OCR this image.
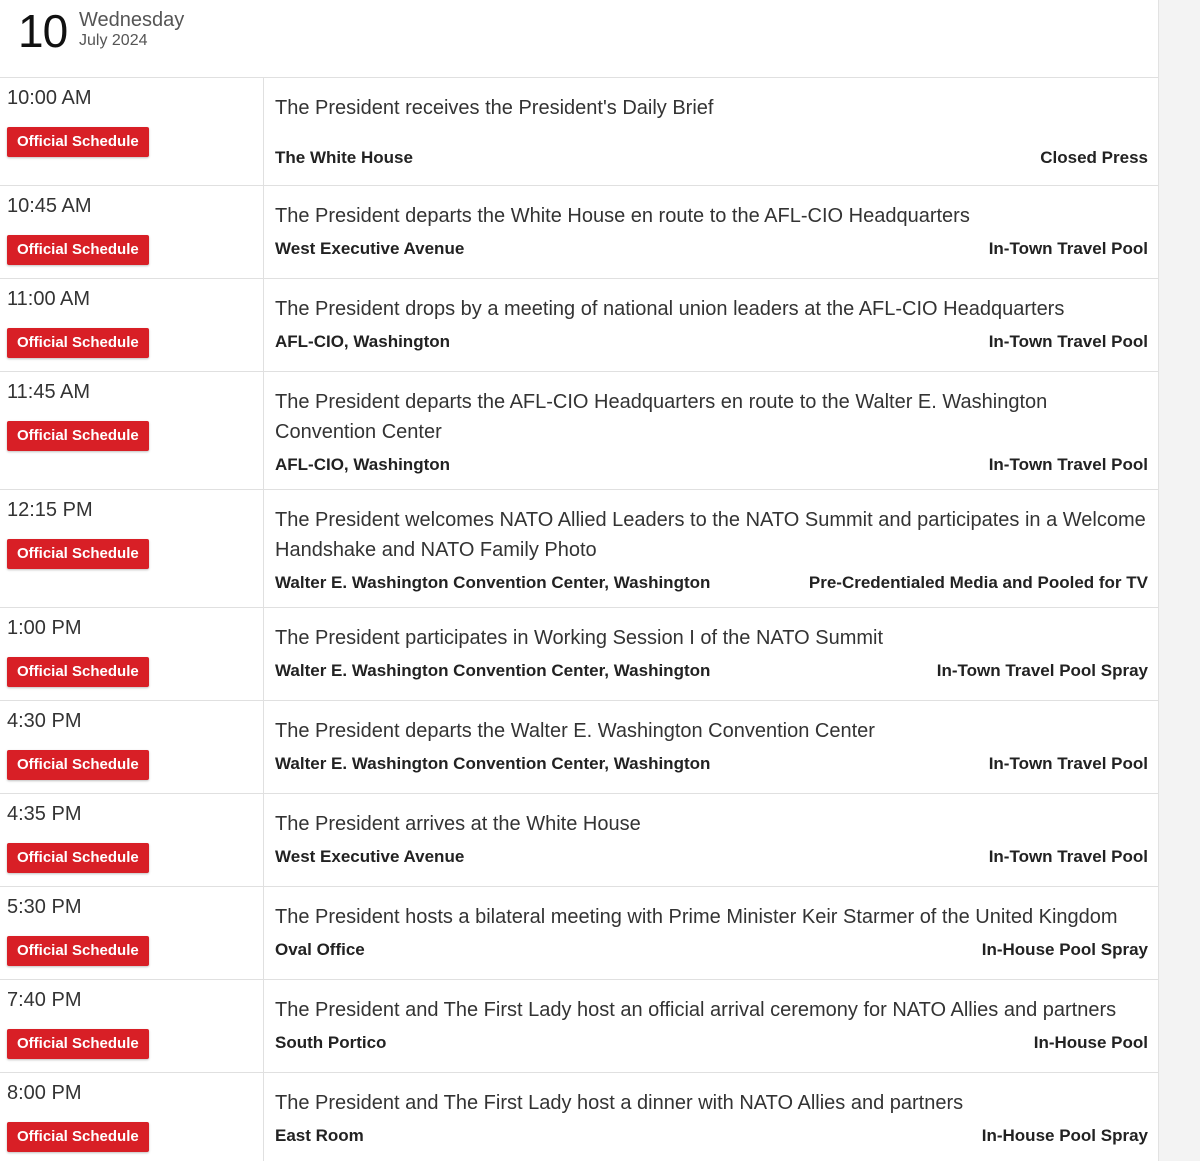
10 Wednesday
July 2024
10:00 AM
Official Schedule
The President receives the President's Daily Brief
The White House	Closed Press
10:45 AM
Official Schedule
The President departs the White House en route to the AFL-CIO Headquarters
West Executive Avenue	In-Town Travel Pool
11:00 AM
Official Schedule
The President drops by a meeting of national union leaders at the AFL-CIO Headquarters
AFL-CIO, Washington	In-Town Travel Pool
11:45 AM
Official Schedule
The President departs the AFL-CIO Headquarters en route to the Walter E. Washington Convention Center
AFL-CIO, Washington	In-Town Travel Pool
12:15 PM
Official Schedule
The President welcomes NATO Allied Leaders to the NATO Summit and participates in a Welcome Handshake and NATO Family Photo
Walter E. Washington Convention Center, Washington	Pre-Credentialed Media and Pooled for TV
1:00 PM
Official Schedule
The President participates in Working Session I of the NATO Summit
Walter E. Washington Convention Center, Washington	In-Town Travel Pool Spray
4:30 PM
Official Schedule
The President departs the Walter E. Washington Convention Center
Walter E. Washington Convention Center, Washington	In-Town Travel Pool
4:35 PM
Official Schedule
The President arrives at the White House
West Executive Avenue	In-Town Travel Pool
5:30 PM
Official Schedule
The President hosts a bilateral meeting with Prime Minister Keir Starmer of the United Kingdom
Oval Office	In-House Pool Spray
7:40 PM
Official Schedule
The President and The First Lady host an official arrival ceremony for NATO Allies and partners
South Portico	In-House Pool
8:00 PM
Official Schedule
The President and The First Lady host a dinner with NATO Allies and partners
East Room	In-House Pool Spray
